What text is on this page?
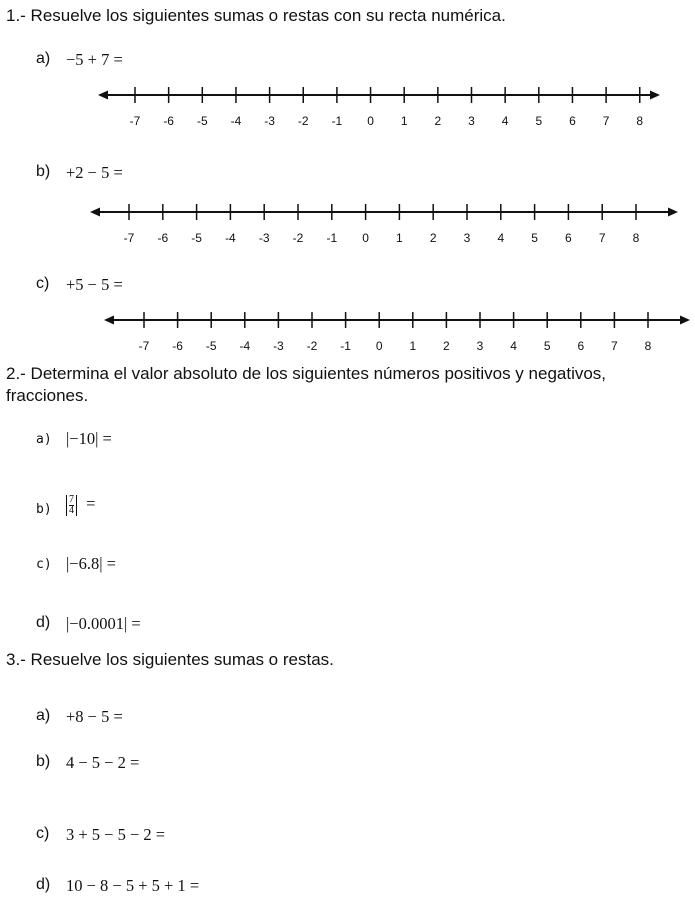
1.- Resuelve los siguientes sumas o restas con su recta numérica.
a) −5 + 7 =
-7 -6 -5 -4 -3 -2 -1 0 1 2 3 4 5 6 7 8
b) +2 − 5 =
-7 -6 -5 -4 -3 -2 -1 0 1 2 3 4 5 6 7 8
c) +5 − 5 =
-7 -6 -5 -4 -3 -2 -1 0 1 2 3 4 5 6 7 8
2.- Determina el valor absoluto de los siguientes números positivos y negativos,
fracciones.
a) |−10| =
$b) \frac{7}{4}$ =
c) |−6.8| =
d) |−0.0001| =
3.- Resuelve los siguientes sumas o restas.
a) +8 − 5 =
b) 4 − 5 − 2 =
c) 3 + 5 − 5 − 2 =
d) 10 − 8 − 5 + 5 + 1 =
